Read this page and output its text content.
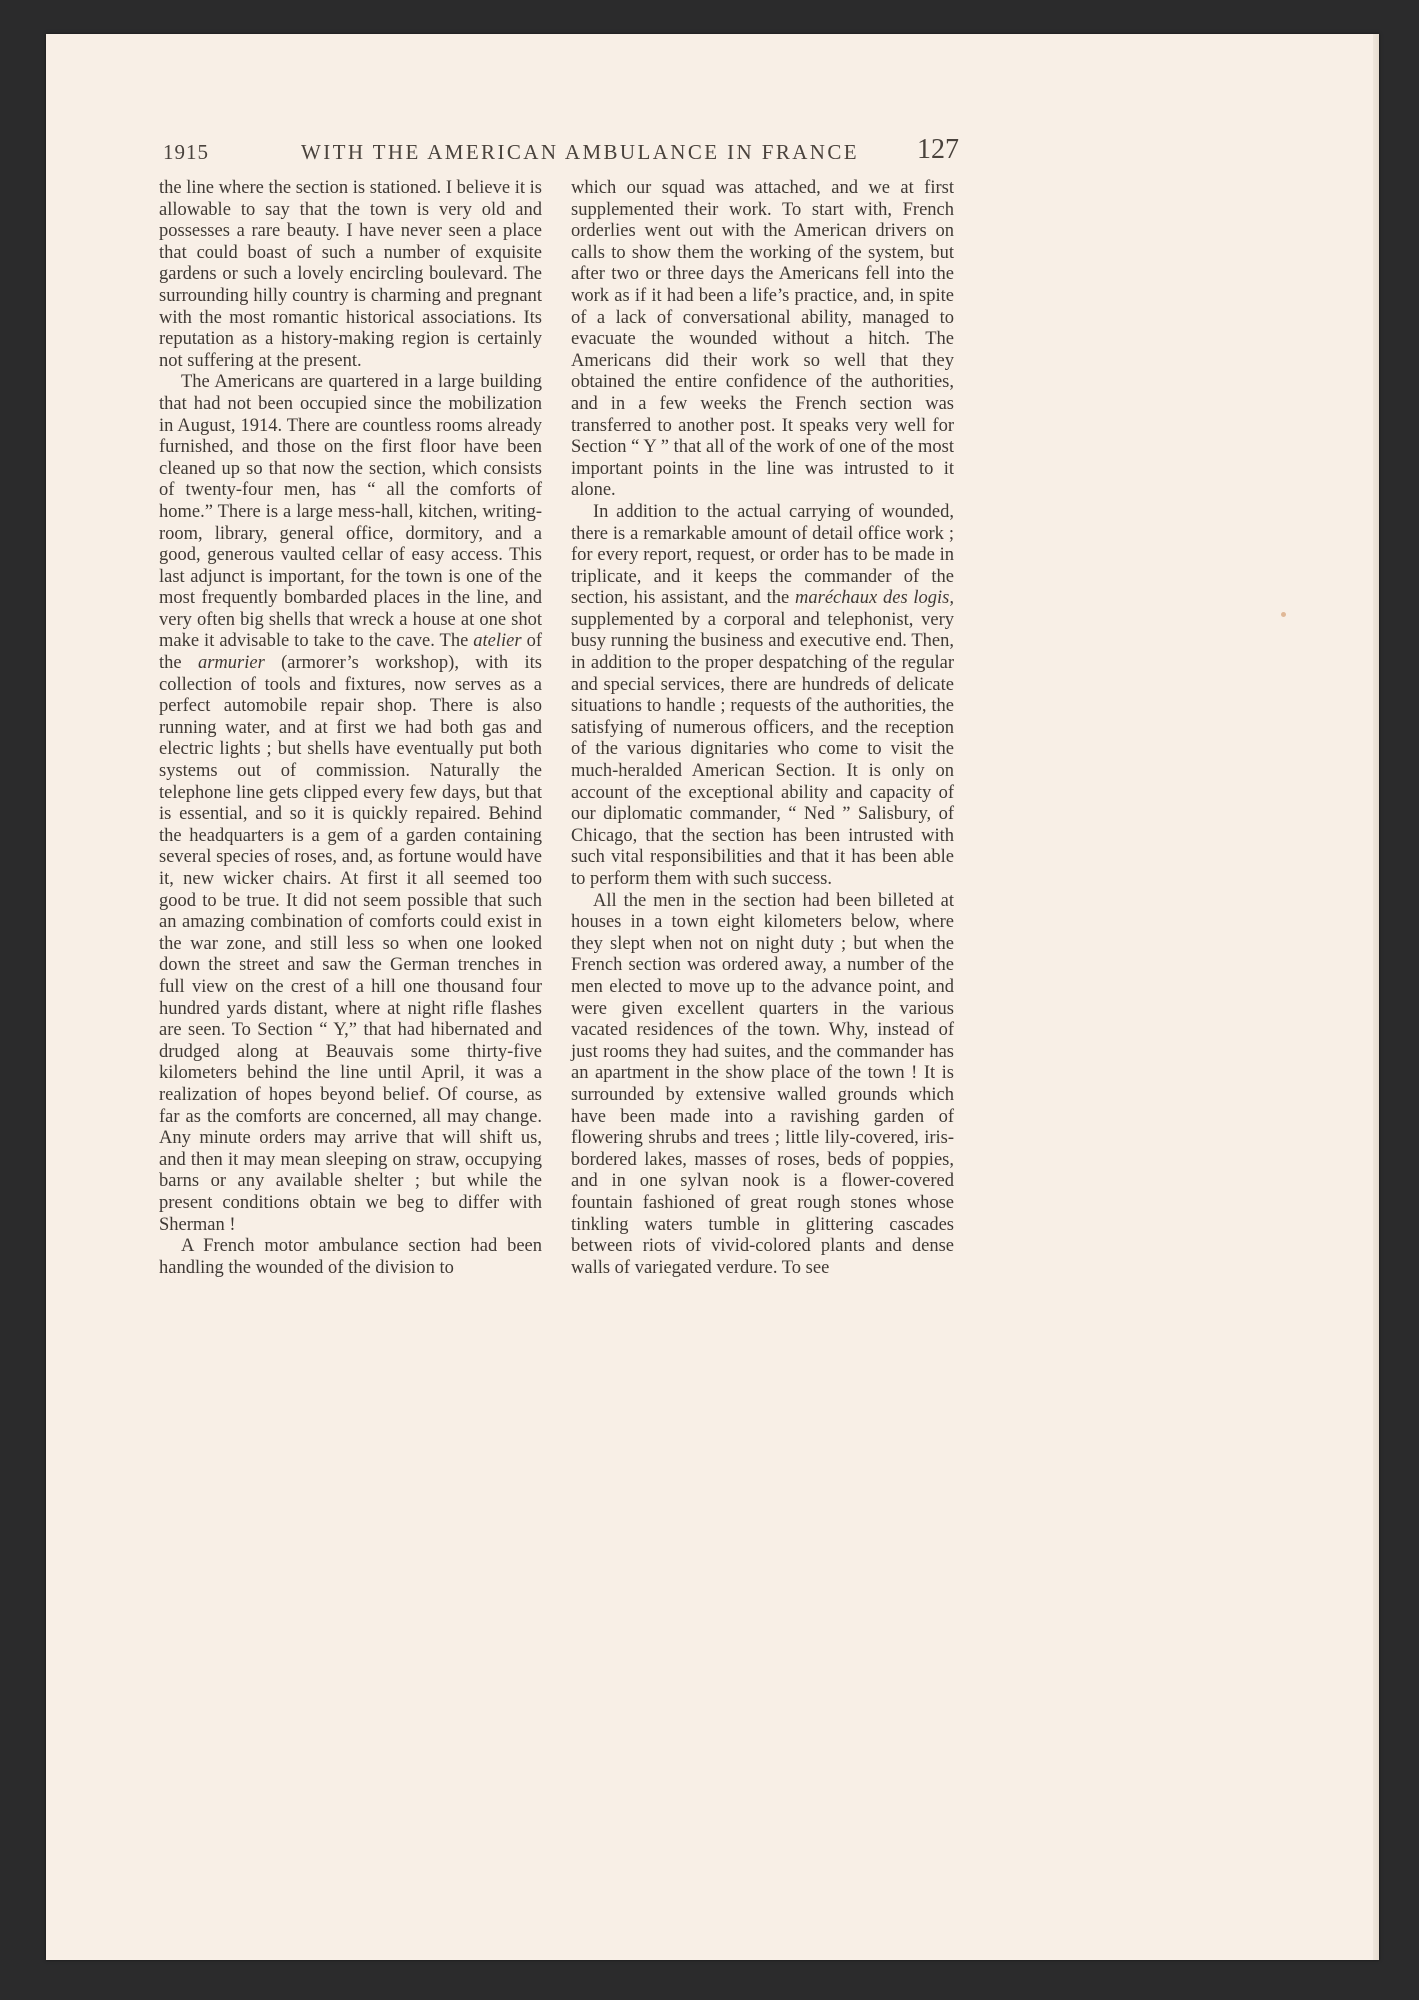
1915	WITH THE AMERICAN AMBULANCE IN FRANCE 127

the line where the section is stationed. I believe it is allowable to say that the town is very old and possesses a rare beauty. I have never seen a place that could boast of such a number of exquisite gardens or such a lovely encircling boulevard. The surrounding hilly country is charming and pregnant with the most romantic historical associations. Its reputation as a history-making region is certainly not suffering at the present.

The Americans are quartered in a large building that had not been occupied since the mobilization in August, 1914. There are countless rooms already furnished, and those on the first floor have been cleaned up so that now the section, which consists of twenty-four men, has “ all the comforts of home.” There is a large mess-hall, kitchen, writing-room, library, general office, dormitory, and a good, generous vaulted cellar of easy access. This last adjunct is important, for the town is one of the most frequently bombarded places in the line, and very often big shells that wreck a house at one shot make it advisable to take to the cave. The atelier of the armurier (armorer’s workshop), with its collection of tools and fixtures, now serves as a perfect automobile repair shop. There is also running water, and at first we had both gas and electric lights ; but shells have eventually put both systems out of commission. Naturally the telephone line gets clipped every few days, but that is essential, and so it is quickly repaired. Behind the headquarters is a gem of a garden containing several species of roses, and, as fortune would have it, new wicker chairs. At first it all seemed too good to be true. It did not seem possible that such an amazing combination of comforts could exist in the war zone, and still less so when one looked down the street and saw the German trenches in full view on the crest of a hill one thousand four hundred yards distant, where at night rifle flashes are seen. To Section “ Y,” that had hibernated and drudged along at Beauvais some thirty-five kilometers behind the line until April, it was a realization of hopes beyond belief. Of course, as far as the comforts are concerned, all may change. Any minute orders may arrive that will shift us, and then it may mean sleeping on straw, occupying barns or any available shelter ; but while the present conditions obtain we beg to differ with Sherman !

A French motor ambulance section had been handling the wounded of the division to

which our squad was attached, and we at first supplemented their work. To start with, French orderlies went out with the American drivers on calls to show them the working of the system, but after two or three days the Americans fell into the work as if it had been a life’s practice, and, in spite of a lack of conversational ability, managed to evacuate the wounded without a hitch. The Americans did their work so well that they obtained the entire confidence of the authorities, and in a few weeks the French section was transferred to another post. It speaks very well for Section “ Y ” that all of the work of one of the most important points in the line was intrusted to it alone.

In addition to the actual carrying of wounded, there is a remarkable amount of detail office work ; for every report, request, or order has to be made in triplicate, and it keeps the commander of the section, his assistant, and the maréchaux des logis, supplemented by a corporal and telephonist, very busy running the business and executive end. Then, in addition to the proper despatching of the regular and special services, there are hundreds of delicate situations to handle ; requests of the authorities, the satisfying of numerous officers, and the reception of the various dignitaries who come to visit the much-heralded American Section. It is only on account of the exceptional ability and capacity of our diplomatic commander, “ Ned ” Salisbury, of Chicago, that the section has been intrusted with such vital responsibilities and that it has been able to perform them with such success.

All the men in the section had been billeted at houses in a town eight kilometers below, where they slept when not on night duty ; but when the French section was ordered away, a number of the men elected to move up to the advance point, and were given excellent quarters in the various vacated residences of the town. Why, instead of just rooms they had suites, and the commander has an apartment in the show place of the town ! It is surrounded by extensive walled grounds which have been made into a ravishing garden of flowering shrubs and trees ; little lily-covered, iris-bordered lakes, masses of roses, beds of poppies, and in one sylvan nook is a flower-covered fountain fashioned of great rough stones whose tinkling waters tumble in glittering cascades between riots of vivid-colored plants and dense walls of variegated verdure. To see
